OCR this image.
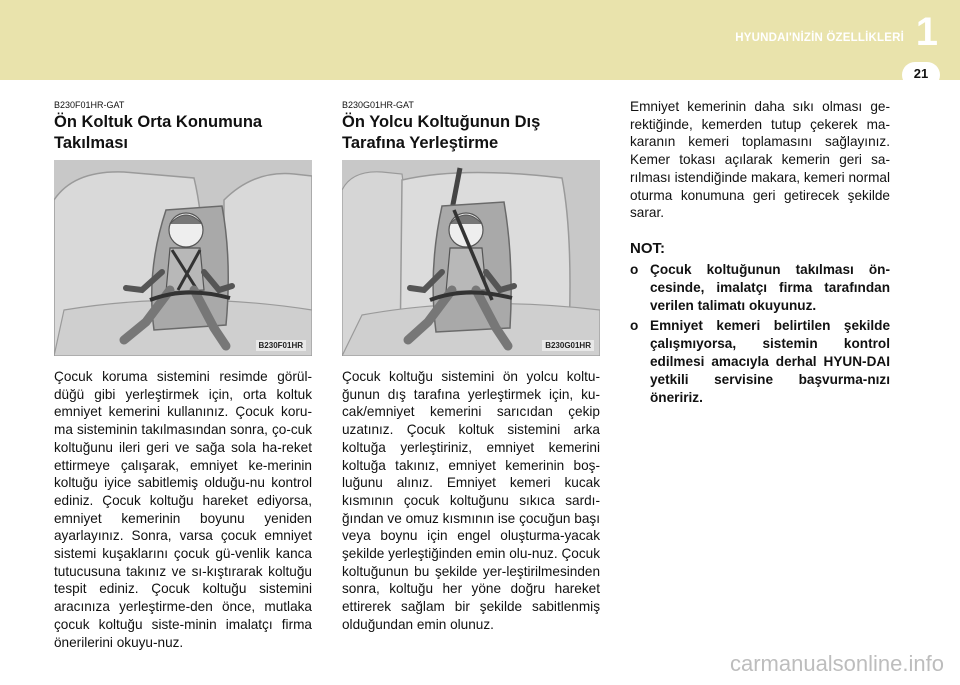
HYUNDAI'NİZİN ÖZELLİKLERİ 1
21
B230F01HR-GAT
Ön Koltuk Orta Konumuna
Takılması
B230F01HR
Çocuk koruma sistemini resimde görül-düğü gibi yerleştirmek için, orta koltuk emniyet kemerini kullanınız. Çocuk koru-ma sisteminin takılmasından sonra, ço-cuk koltuğunu ileri geri ve sağa sola ha-reket ettirmeye çalışarak, emniyet ke-merinin koltuğu iyice sabitlemiş olduğu-nu kontrol ediniz. Çocuk koltuğu hareket ediyorsa, emniyet kemerinin boyunu yeniden ayarlayınız. Sonra, varsa çocuk emniyet sistemi kuşaklarını çocuk gü-venlik kanca tutucusuna takınız ve sı-kıştırarak koltuğu tespit ediniz. Çocuk koltuğu sistemini aracınıza yerleştirme-den önce, mutlaka çocuk koltuğu siste-minin imalatçı firma önerilerini okuyu-nuz.
B230G01HR-GAT
Ön Yolcu Koltuğunun Dış
Tarafına Yerleştirme
B230G01HR
Çocuk koltuğu sistemini ön yolcu koltu-ğunun dış tarafına yerleştirmek için, ku-cak/emniyet kemerini sarıcıdan çekip uzatınız. Çocuk koltuk sistemini arka koltuğa yerleştiriniz, emniyet kemerini koltuğa takınız, emniyet kemerinin boş-luğunu alınız. Emniyet kemeri kucak kısmının çocuk koltuğunu sıkıca sardı-ğından ve omuz kısmının ise çocuğun başı veya boynu için engel oluşturma-yacak şekilde yerleştiğinden emin olu-nuz. Çocuk koltuğunun bu şekilde yer-leştirilmesinden sonra, koltuğu her yöne doğru hareket ettirerek sağlam bir şekilde sabitlenmiş olduğundan emin olunuz.
Emniyet kemerinin daha sıkı olması ge-rektiğinde, kemerden tutup çekerek ma-karanın kemeri toplamasını sağlayınız. Kemer tokası açılarak kemerin geri sa-rılması istendiğinde makara, kemeri normal oturma konumuna geri getirecek şekilde sarar.
NOT:
o Çocuk koltuğunun takılması ön-cesinde, imalatçı firma tarafından verilen talimatı okuyunuz.
o Emniyet kemeri belirtilen şekilde çalışmıyorsa, sistemin kontrol edilmesi amacıyla derhal HYUN-DAI yetkili servisine başvurma-nızı öneririz.
carmanualsonline.info
